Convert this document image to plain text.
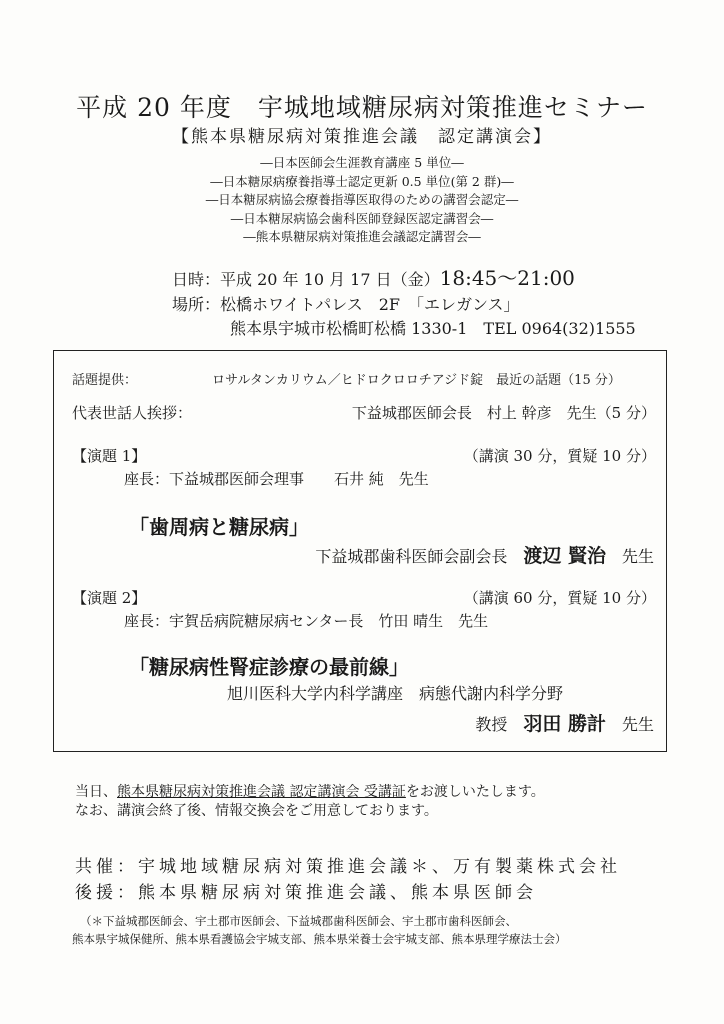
平成 20 年度　宇城地域糖尿病対策推進セミナー
【熊本県糖尿病対策推進会議　認定講演会】
―日本医師会生涯教育講座 5 単位―
―日本糖尿病療養指導士認定更新 0.5 単位(第 2 群)―
―日本糖尿病協会療養指導医取得のための講習会認定―
―日本糖尿病協会歯科医師登録医認定講習会―
―熊本県糖尿病対策推進会議認定講習会―
日時：平成 20 年 10 月 17 日（金）18:45〜21:00
場所：松橋ホワイトパレス　2F　「エレガンス」
熊本県宇城市松橋町松橋 1330-1　TEL 0964(32)1555
話題提供：	ロサルタンカリウム／ヒドロクロロチアジド錠　最近の話題（15 分）
代表世話人挨拶：	下益城郡医師会長　村上 幹彦　先生（5 分）
【演題 1】	（講演 30 分，質疑 10 分）
座長：下益城郡医師会理事　　石井 純　先生
「歯周病と糖尿病」
下益城郡歯科医師会副会長　 渡辺 賢治　 先生
【演題 2】	（講演 60 分，質疑 10 分）
座長：宇賀岳病院糖尿病センター長　竹田 晴生　先生
「糖尿病性腎症診療の最前線」
旭川医科大学内科学講座　病態代謝内科学分野
教授　 羽田 勝計　 先生
当日、熊本県糖尿病対策推進会議 認定講演会 受講証をお渡しいたします。
なお、講演会終了後、情報交換会をご用意しております。
共催：宇城地域糖尿病対策推進会議＊、万有製薬株式会社
後援：熊本県糖尿病対策推進会議、熊本県医師会
（＊下益城郡医師会、宇土郡市医師会、下益城郡歯科医師会、宇土郡市歯科医師会、
熊本県宇城保健所、熊本県看護協会宇城支部、熊本県栄養士会宇城支部、熊本県理学療法士会）
